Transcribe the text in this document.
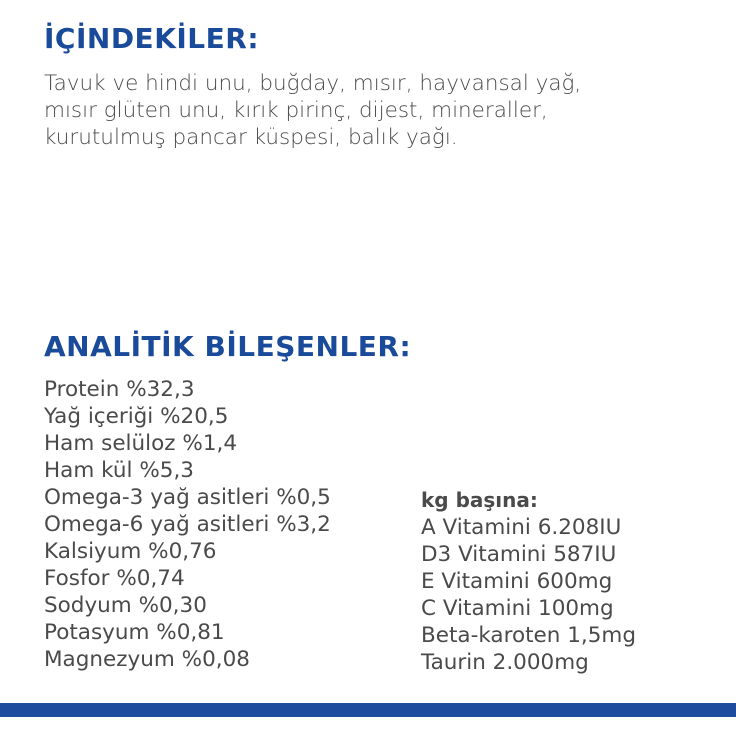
İÇİNDEKİLER:

Tavuk ve hindi unu, buğday, mısır, hayvansal yağ,
mısır glüten unu, kırık pirinç, dijest, mineraller,
kurutulmuş pancar küspesi, balık yağı.

ANALİTİK BİLEŞENLER:
Protein %32,3
Yağ içeriği %20,5
Ham selüloz %1,4
Ham kül %5,3
Omega-3 yağ asitleri %0,5
Omega-6 yağ asitleri %3,2
Kalsiyum %0,76
Fosfor %0,74
Sodyum %0,30
Potasyum %0,81
Magnezyum %0,08

kg başına:

A Vitamini 6.208IU
D3 Vitamini 587IU
E Vitamini 600mg
C Vitamini 100mg
Beta-karoten 1,5mg
Taurin 2.000mg
